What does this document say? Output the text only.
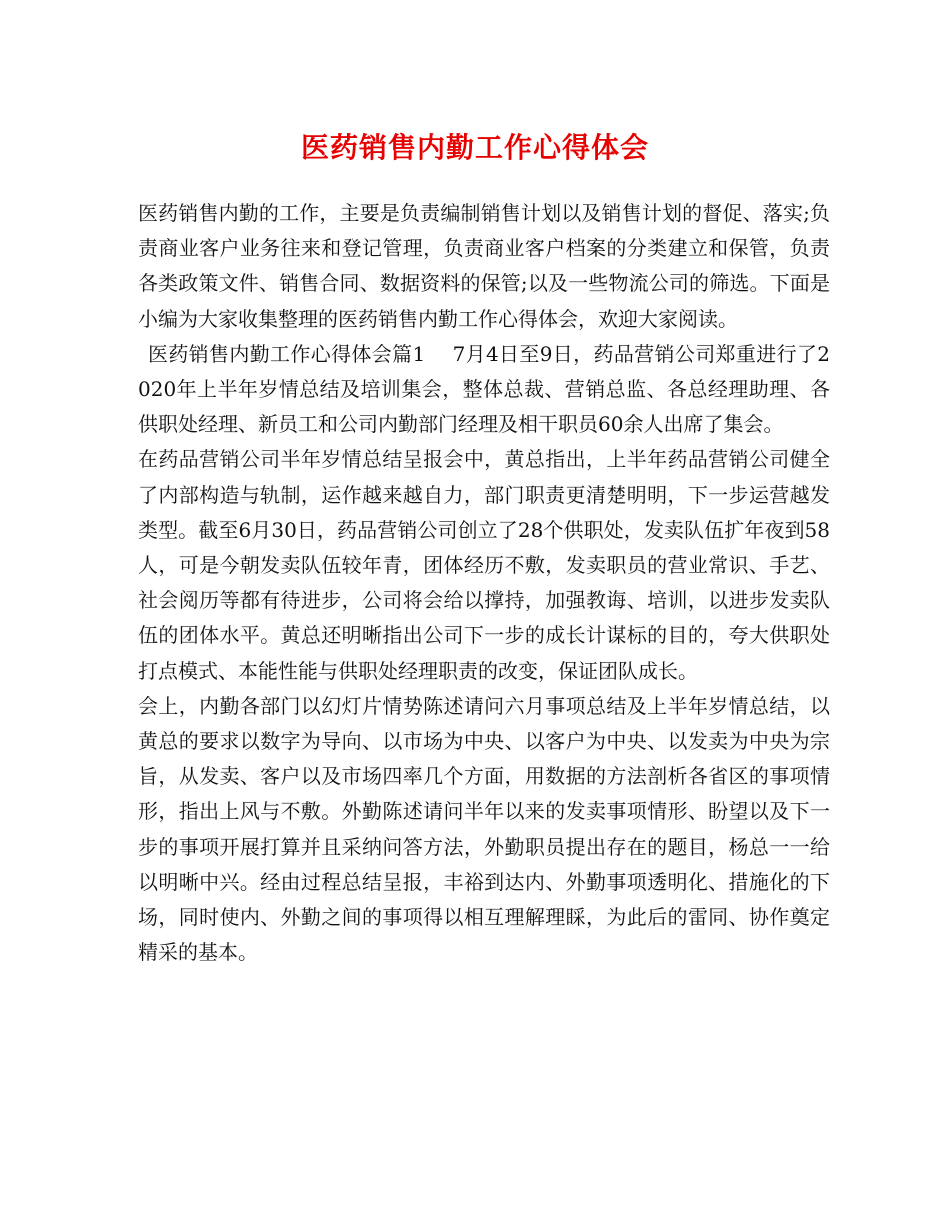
医药销售内勤工作心得体会

医药销售内勤的工作，主要是负责编制销售计划以及销售计划的督促、落实;负责商业客户业务往来和登记管理，负责商业客户档案的分类建立和保管，负责各类政策文件、销售合同、数据资料的保管;以及一些物流公司的筛选。下面是小编为大家收集整理的医药销售内勤工作心得体会，欢迎大家阅读。

医药销售内勤工作心得体会篇1　 7月4日至9日，药品营销公司郑重进行了2020年上半年岁情总结及培训集会，整体总裁、营销总监、各总经理助理、各供职处经理、新员工和公司内勤部门经理及相干职员60余人出席了集会。

在药品营销公司半年岁情总结呈报会中，黄总指出，上半年药品营销公司健全了内部构造与轨制，运作越来越自力，部门职责更清楚明明，下一步运营越发类型。截至6月30日，药品营销公司创立了28个供职处，发卖队伍扩年夜到58人，可是今朝发卖队伍较年青，团体经历不敷，发卖职员的营业常识、手艺、社会阅历等都有待进步，公司将会给以撑持，加强教诲、培训，以进步发卖队伍的团体水平。黄总还明晰指出公司下一步的成长计谋标的目的，夸大供职处打点模式、本能性能与供职处经理职责的改变，保证团队成长。

会上，内勤各部门以幻灯片情势陈述请问六月事项总结及上半年岁情总结，以黄总的要求以数字为导向、以市场为中央、以客户为中央、以发卖为中央为宗旨，从发卖、客户以及市场四率几个方面，用数据的方法剖析各省区的事项情形，指出上风与不敷。外勤陈述请问半年以来的发卖事项情形、盼望以及下一步的事项开展打算并且采纳问答方法，外勤职员提出存在的题目，杨总一一给以明晰中兴。经由过程总结呈报，丰裕到达内、外勤事项透明化、措施化的下场，同时使内、外勤之间的事项得以相互理解理睬，为此后的雷同、协作奠定精采的基本。
